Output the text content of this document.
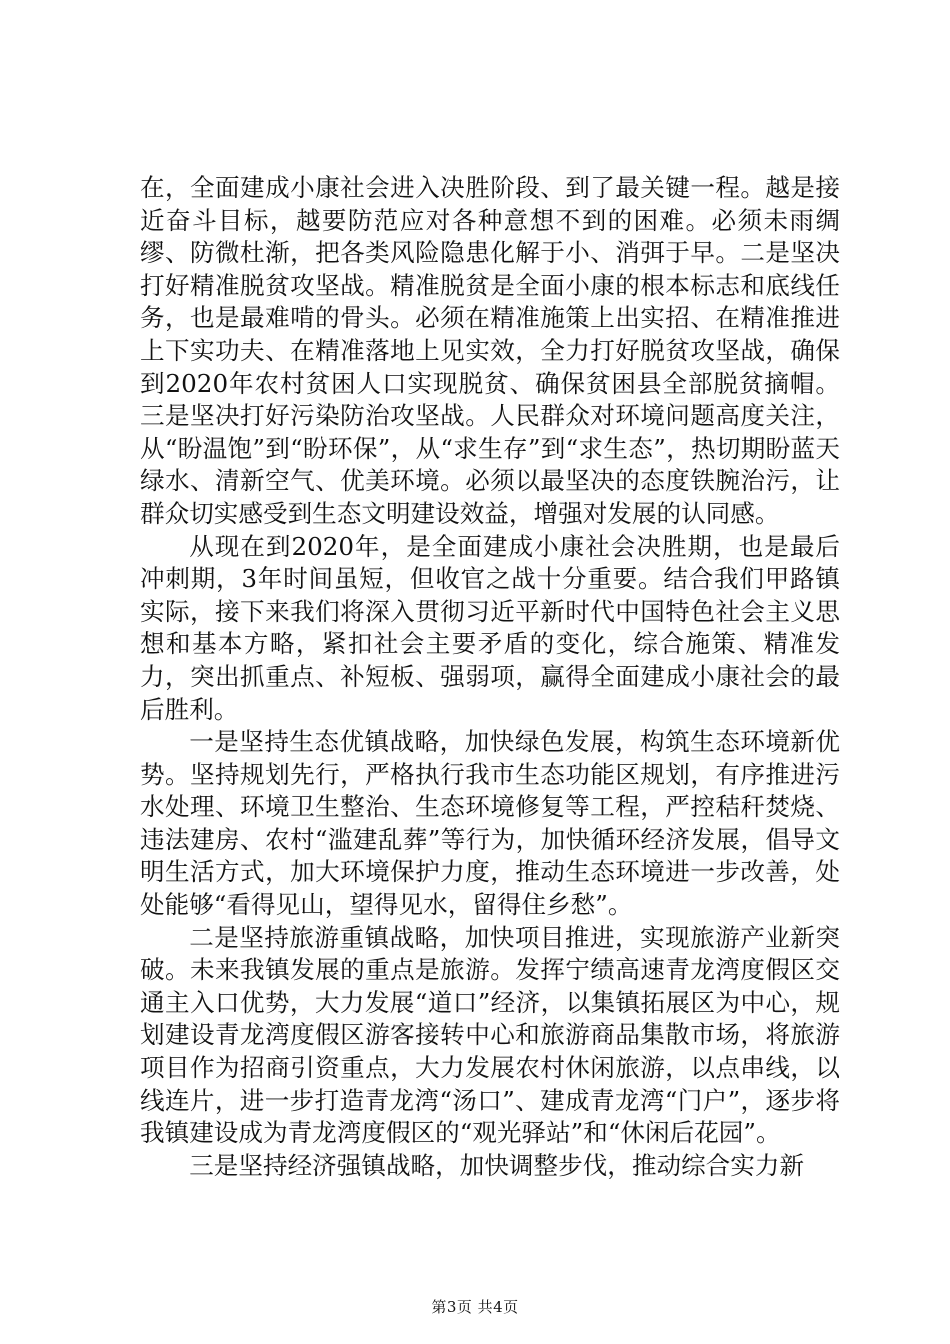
在，全面建成小康社会进入决胜阶段、到了最关键一程。越是接近奋斗目标，越要防范应对各种意想不到的困难。必须未雨绸缪、防微杜渐，把各类风险隐患化解于小、消弭于早。二是坚决打好精准脱贫攻坚战。精准脱贫是全面小康的根本标志和底线任务，也是最难啃的骨头。必须在精准施策上出实招、在精准推进上下实功夫、在精准落地上见实效，全力打好脱贫攻坚战，确保到2020年农村贫困人口实现脱贫、确保贫困县全部脱贫摘帽。三是坚决打好污染防治攻坚战。人民群众对环境问题高度关注，从“盼温饱”到“盼环保”，从“求生存”到“求生态”，热切期盼蓝天绿水、清新空气、优美环境。必须以最坚决的态度铁腕治污，让群众切实感受到生态文明建设效益，增强对发展的认同感。

从现在到2020年，是全面建成小康社会决胜期，也是最后冲刺期，3年时间虽短，但收官之战十分重要。结合我们甲路镇实际，接下来我们将深入贯彻习近平新时代中国特色社会主义思想和基本方略，紧扣社会主要矛盾的变化，综合施策、精准发力，突出抓重点、补短板、强弱项，赢得全面建成小康社会的最后胜利。

一是坚持生态优镇战略，加快绿色发展，构筑生态环境新优势。坚持规划先行，严格执行我市生态功能区规划，有序推进污水处理、环境卫生整治、生态环境修复等工程，严控秸秆焚烧、违法建房、农村“滥建乱葬”等行为，加快循环经济发展，倡导文明生活方式，加大环境保护力度，推动生态环境进一步改善，处处能够“看得见山，望得见水，留得住乡愁”。

二是坚持旅游重镇战略，加快项目推进，实现旅游产业新突破。未来我镇发展的重点是旅游。发挥宁绩高速青龙湾度假区交通主入口优势，大力发展“道口”经济，以集镇拓展区为中心，规划建设青龙湾度假区游客接转中心和旅游商品集散市场，将旅游项目作为招商引资重点，大力发展农村休闲旅游，以点串线，以线连片，进一步打造青龙湾“汤口”、建成青龙湾“门户”，逐步将我镇建设成为青龙湾度假区的“观光驿站”和“休闲后花园”。

三是坚持经济强镇战略，加快调整步伐，推动综合实力新

第3页 共4页
